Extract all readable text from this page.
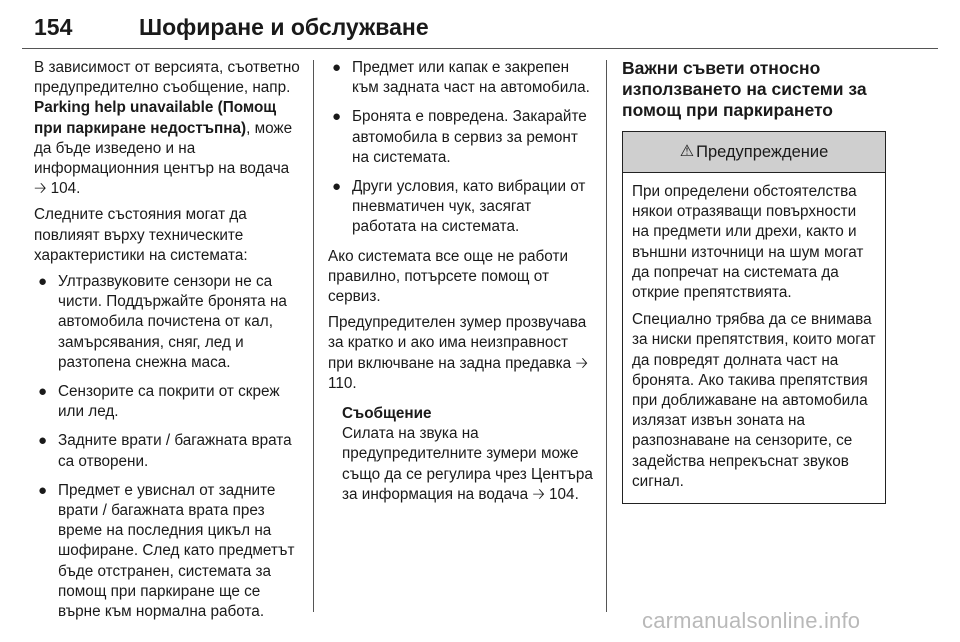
154	Шофиране и обслужване

В зависимост от версията, съответно предупредително съобщение, напр. Parking help unavailable (Помощ при паркиране недостъпна), може да бъде изведено и на информационния център на водача 🡢 104.

Следните състояния могат да повлияят върху техническите характеристики на системата:

● Ултразвуковите сензори не са чисти. Поддържайте бронята на автомобила почистена от кал, замърсявания, сняг, лед и разтопена снежна маса.
● Сензорите са покрити от скреж или лед.
● Задните врати / багажната врата са отворени.
● Предмет е увиснал от задните врати / багажната врата през време на последния цикъл на шофиране. След като предметът бъде отстранен, системата за помощ при паркиране ще се върне към нормална работа.
● Предмет или капак е закрепен към задната част на автомобила.
● Бронята е повредена. Закарайте автомобила в сервиз за ремонт на системата.
● Други условия, като вибрации от пневматичен чук, засягат работата на системата.

Ако системата все още не работи правилно, потърсете помощ от сервиз.

Предупредителен зумер прозвучава за кратко и ако има неизправност при включване на задна предавка 🡢 110.

Съобщение
Силата на звука на предупредителните зумери може също да се регулира чрез Центъра за информация на водача 🡢 104.
Важни съвети относно използването на системи за помощ при паркирането
⚠ Предупреждение

При определени обстоятелства някои отразяващи повърхности на предмети или дрехи, както и външни източници на шум могат да попречат на системата да открие препятствията.

Специално трябва да се внимава за ниски препятствия, които могат да повредят долната част на бронята. Ако такива препятствия при доближаване на автомобила излязат извън зоната на разпознаване на сензорите, се задейства непрекъснат звуков сигнал.

carmanualsonline.info
